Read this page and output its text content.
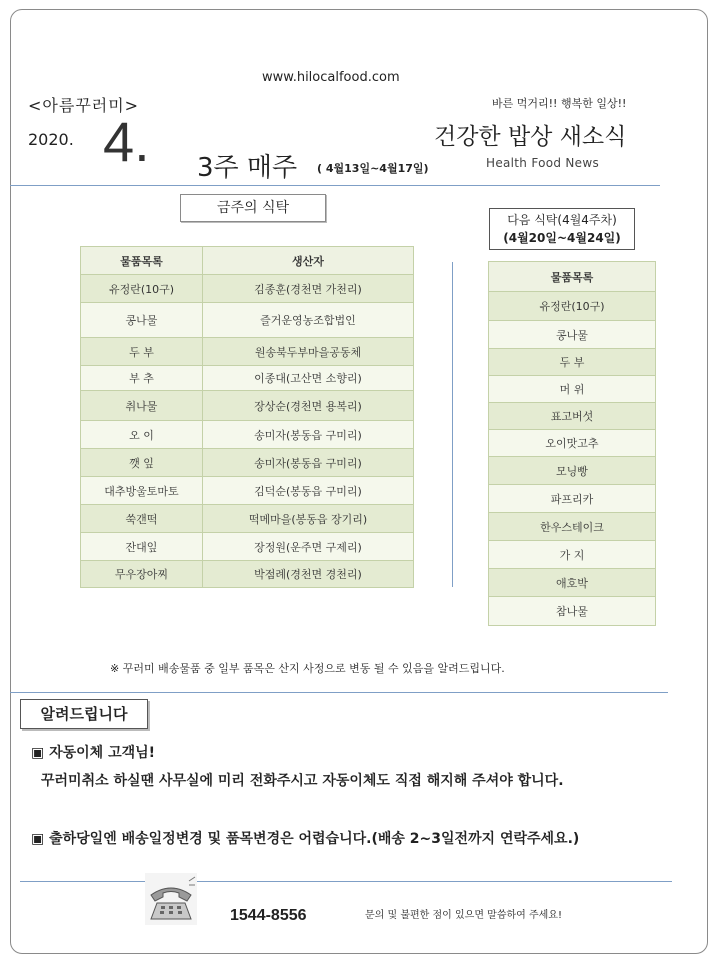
www.hilocalfood.com
<아름꾸러미>
2020. 4. 3주 매주 ( 4월13일~4월17일)
바른 먹거리!! 행복한 일상!!
건강한 밥상 새소식
Health Food News
금주의 식탁
물품목록	생산자
유정란(10구)	김종훈(경천면 가천리)
콩나물	즐거운영농조합법인
두 부	원송북두부마을공동체
부 추	이종대(고산면 소향리)
취나물	장상순(경천면 용복리)
오 이	송미자(봉동읍 구미리)
깻 잎	송미자(봉동읍 구미리)
대추방울토마토	김덕순(봉동읍 구미리)
쑥갠떡	떡메마을(봉동읍 장기리)
잔대잎	장정원(운주면 구제리)
무우장아찌	박점례(경천면 경천리)
다음 식탁(4월4주차)
(4월20일~4월24일)
물품목록
유정란(10구)
콩나물
두 부
머 위
표고버섯
오이맛고추
모닝빵
파프리카
한우스테이크
가 지
애호박
참나물
※ 꾸러미 배송물품 중 일부 품목은 산지 사정으로 변동 될 수 있음을 알려드립니다.
알려드립니다
▣ 자동이체 고객님!
꾸러미취소 하실땐 사무실에 미리 전화주시고 자동이체도 직접 해지해 주셔야 합니다.
▣ 출하당일엔 배송일정변경 및 품목변경은 어렵습니다.(배송 2~3일전까지 연락주세요.)
1544-8556	문의 및 불편한 점이 있으면 말씀하여 주세요!
